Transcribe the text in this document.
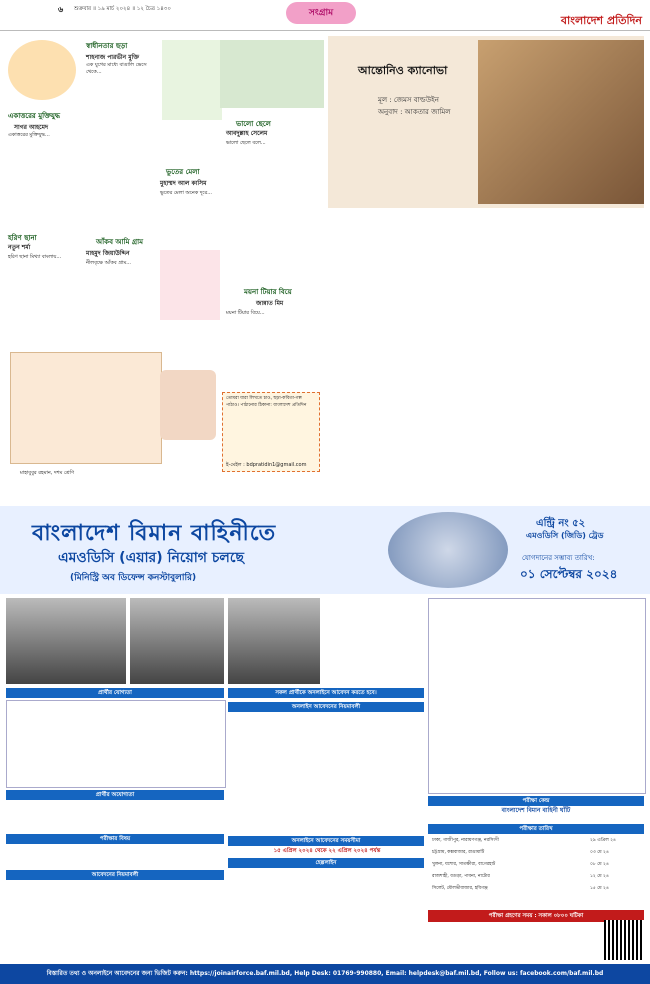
৬	শুক্রবার ॥ ১৯ মার্চ ২০২৪ ॥ ১২ চৈত্র ১৪৩০	সংগ্রাম
বাংলাদেশ প্রতিদিন
একাত্তরের মুক্তিযুদ্ধ
সাগর আহমেদ
একাত্তরের মুক্তিযুদ্ধ...
স্বাধীনতার ছড়া
শাহনাজ পারভীন মুক্তি
এক যুগের মাধ্যে বাঙালি ভেসে থেকে...
ভালো ছেলে
আবদুল্লাহ সেলেম
ভালো ছেলে বলে...
ভুতের মেলা
মুহাম্মদ আল কাসিম
ভুতের মেলা অনেক দূরে...
হরিণ ছানা
নতুন শর্মা
হরিণ ছানা মিথ্যা বাংলায়...
আঁকব আমি গ্রাম
মাহমুদ জিয়াউদ্দিন
নীলবৃক্ষে আঁকব গ্রাম...
ময়না টিয়ার বিয়ে
জান্নাত মিম
ময়না টিয়ার বিয়ে...
মাহাবুবুর রহমান, দশম শ্রেণি
তোমরা যারা লিখতে চাও, ছড়া-কবিতা-গল্প পাঠাও। পাঠানোর ঠিকানা: বাংলাদেশ প্রতিদিন
ই-মেইল : bdpratidin1@gmail.com
আন্তোনিও ক্যানোভা
মূল : জেমস বাল্ডউইন
অনুবাদ : আকতার জামিল
বাংলাদেশ বিমান বাহিনীতে
এমওডিসি (এয়ার) নিয়োগ চলছে
(মিনিস্ট্রি অব ডিফেন্স কনস্টাবুলারি)
এন্ট্রি নং ৫২
এমওডিসি (জিডি) ট্রেড
যোগদানের সম্ভাব্য তারিখ:
০১ সেপ্টেম্বর ২০২৪
প্রার্থীর যোগ্যতা
প্রার্থীর অযোগ্যতা
পরীক্ষার বিষয়
আবেদনের নিয়মাবলী
সকল প্রার্থীকে অনলাইনে আবেদন করতে হবে।
অনলাইন আবেদনের নিয়মাবলী
অনলাইনে আবেদনের সময়সীমা
১৫ এপ্রিল ২০২৪ থেকে ২২ এপ্রিল ২০২৪ পর্যন্ত
হেল্পলাইন
পরীক্ষা কেন্দ্র
বাংলাদেশ বিমান বাহিনী ঘাঁটি
পরীক্ষার তারিখ
ঢাকা, গাজীপুর, নারায়ণগঞ্জ, নরসিংদী	২৯ এপ্রিল ২৪
চট্টগ্রাম, কক্সবাজার, রাঙামাটি	০৩ মে ২৪
খুলনা, যশোর, সাতক্ষীরা, বাগেরহাট	০৮ মে ২৪
রাজশাহী, বগুড়া, পাবনা, নাটোর	১২ মে ২৪
সিলেট, মৌলভীবাজার, হবিগঞ্জ	১৫ মে ২৪
পরীক্ষা গ্রহণের সময় : সকাল ০৮০০ ঘটিকা
বিস্তারিত তথ্য ও অনলাইনে আবেদনের জন্য ভিজিট করুন: https://joinairforce.baf.mil.bd, Help Desk: 01769-990880, Email: helpdesk@baf.mil.bd, Follow us: facebook.com/baf.mil.bd
